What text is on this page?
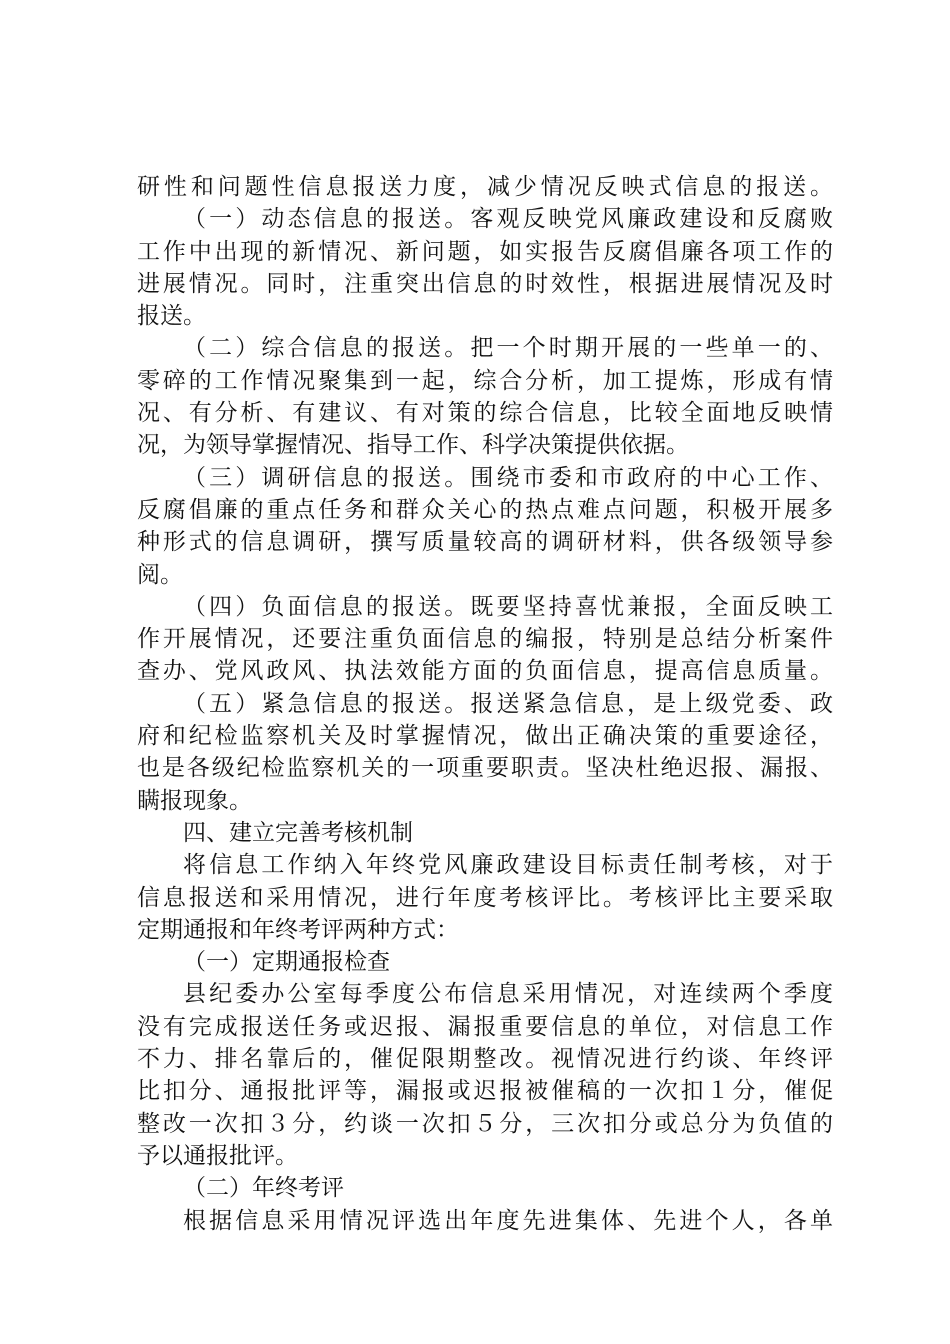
研性和问题性信息报送力度，减少情况反映式信息的报送。
（一）动态信息的报送。客观反映党风廉政建设和反腐败
工作中出现的新情况、新问题，如实报告反腐倡廉各项工作的
进展情况。同时，注重突出信息的时效性，根据进展情况及时
报送。
（二）综合信息的报送。把一个时期开展的一些单一的、
零碎的工作情况聚集到一起，综合分析，加工提炼，形成有情
况、有分析、有建议、有对策的综合信息，比较全面地反映情
况，为领导掌握情况、指导工作、科学决策提供依据。
（三）调研信息的报送。围绕市委和市政府的中心工作、
反腐倡廉的重点任务和群众关心的热点难点问题，积极开展多
种形式的信息调研，撰写质量较高的调研材料，供各级领导参
阅。
（四）负面信息的报送。既要坚持喜忧兼报，全面反映工
作开展情况，还要注重负面信息的编报，特别是总结分析案件
查办、党风政风、执法效能方面的负面信息，提高信息质量。
（五）紧急信息的报送。报送紧急信息，是上级党委、政
府和纪检监察机关及时掌握情况，做出正确决策的重要途径，
也是各级纪检监察机关的一项重要职责。坚决杜绝迟报、漏报、
瞒报现象。
四、建立完善考核机制
将信息工作纳入年终党风廉政建设目标责任制考核，对于
信息报送和采用情况，进行年度考核评比。考核评比主要采取
定期通报和年终考评两种方式：
（一）定期通报检查
县纪委办公室每季度公布信息采用情况，对连续两个季度
没有完成报送任务或迟报、漏报重要信息的单位，对信息工作
不力、排名靠后的，催促限期整改。视情况进行约谈、年终评
比扣分、通报批评等，漏报或迟报被催稿的一次扣１分，催促
整改一次扣３分，约谈一次扣５分，三次扣分或总分为负值的
予以通报批评。
（二）年终考评
根据信息采用情况评选出年度先进集体、先进个人，各单
